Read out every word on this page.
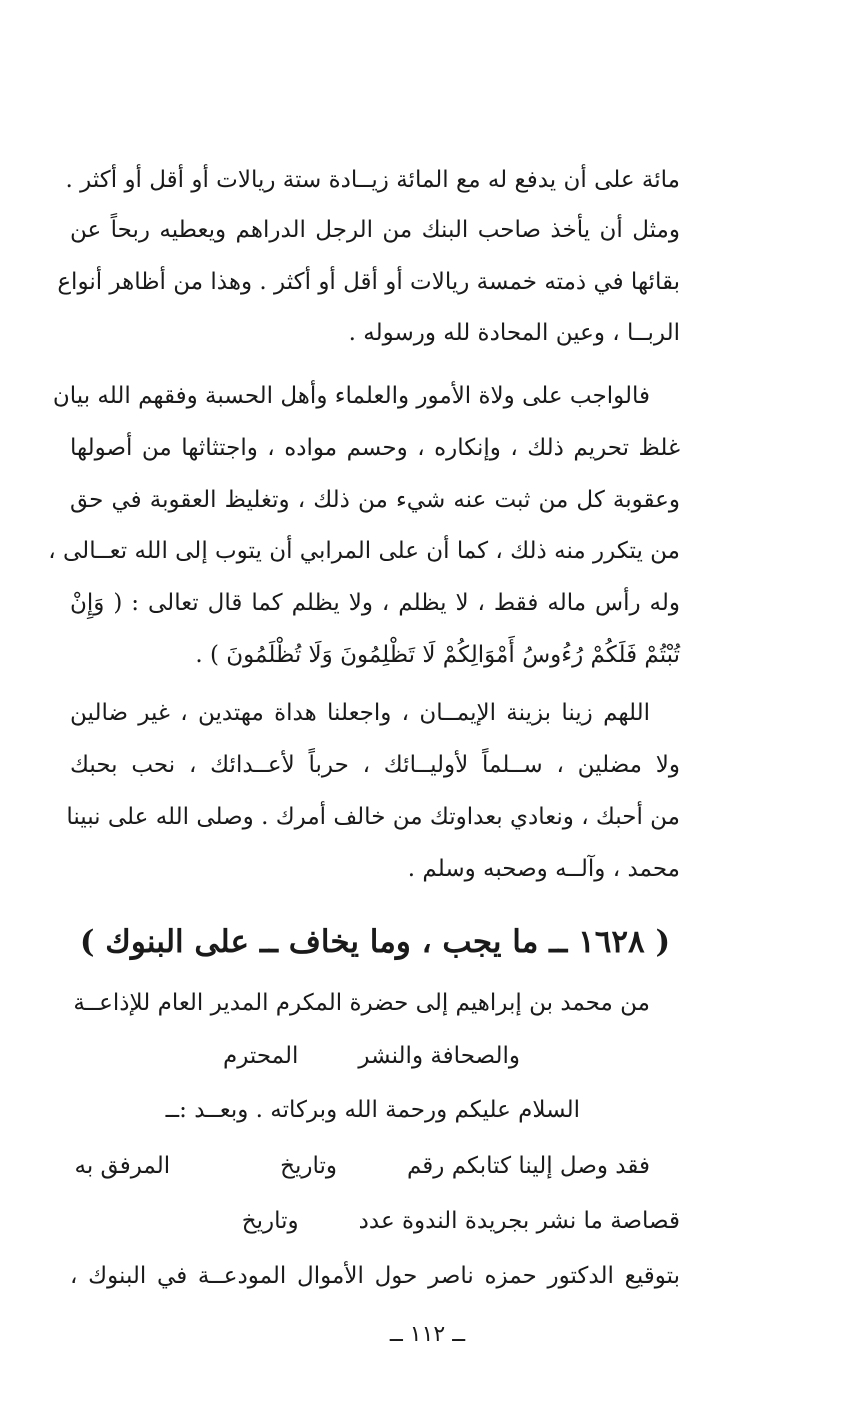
مائة على أن يدفع له مع المائة زيــادة ستة ريالات أو أقل أو أكثر .
ومثل أن يأخذ صاحب البنك من الرجل الدراهم ويعطيه ربحاً عن
بقائها في ذمته خمسة ريالات أو أقل أو أكثر . وهذا من أظاهر أنواع
الربــا ، وعين المحادة لله ورسوله .
فالواجب على ولاة الأمور والعلماء وأهل الحسبة وفقهم الله بيان
غلظ تحريم ذلك ، وإنكاره ، وحسم مواده ، واجتثاثها من أصولها
وعقوبة كل من ثبت عنه شيء من ذلك ، وتغليظ العقوبة في حق
من يتكرر منه ذلك ، كما أن على المرابي أن يتوب إلى الله تعــالى ،
وله رأس ماله فقط ، لا يظلم ، ولا يظلم كما قال تعالى : ( وَإِنْ
تُبْتُمْ فَلَكُمْ رُءُوسُ أَمْوَالِكُمْ لَا تَظْلِمُونَ وَلَا تُظْلَمُونَ ) .
اللهم زينا بزينة الإيمــان ، واجعلنا هداة مهتدين ، غير ضالين
ولا مضلين ، ســلماً لأوليــائك ، حرباً لأعــدائك ، نحب بحبك
من أحبك ، ونعادي بعداوتك من خالف أمرك . وصلى الله على نبينا
محمد ، وآلــه وصحبه وسلم .
( ١٦٢٨ ــ ما يجب ، وما يخاف ــ على البنوك )
من محمد بن إبراهيم إلى حضرة المكرم المدير العام للإذاعــة
والصحافة والنشرالمحترم
السلام عليكم ورحمة الله وبركاته . وبعــد :ــ
فقد وصل إلينا كتابكم رقموتاريخالمرفق به
قصاصة ما نشر بجريدة الندوة عددوتاريخ
بتوقيع الدكتور حمزه ناصر حول الأموال المودعــة في البنوك ،
ــ ١١٢ ــ
